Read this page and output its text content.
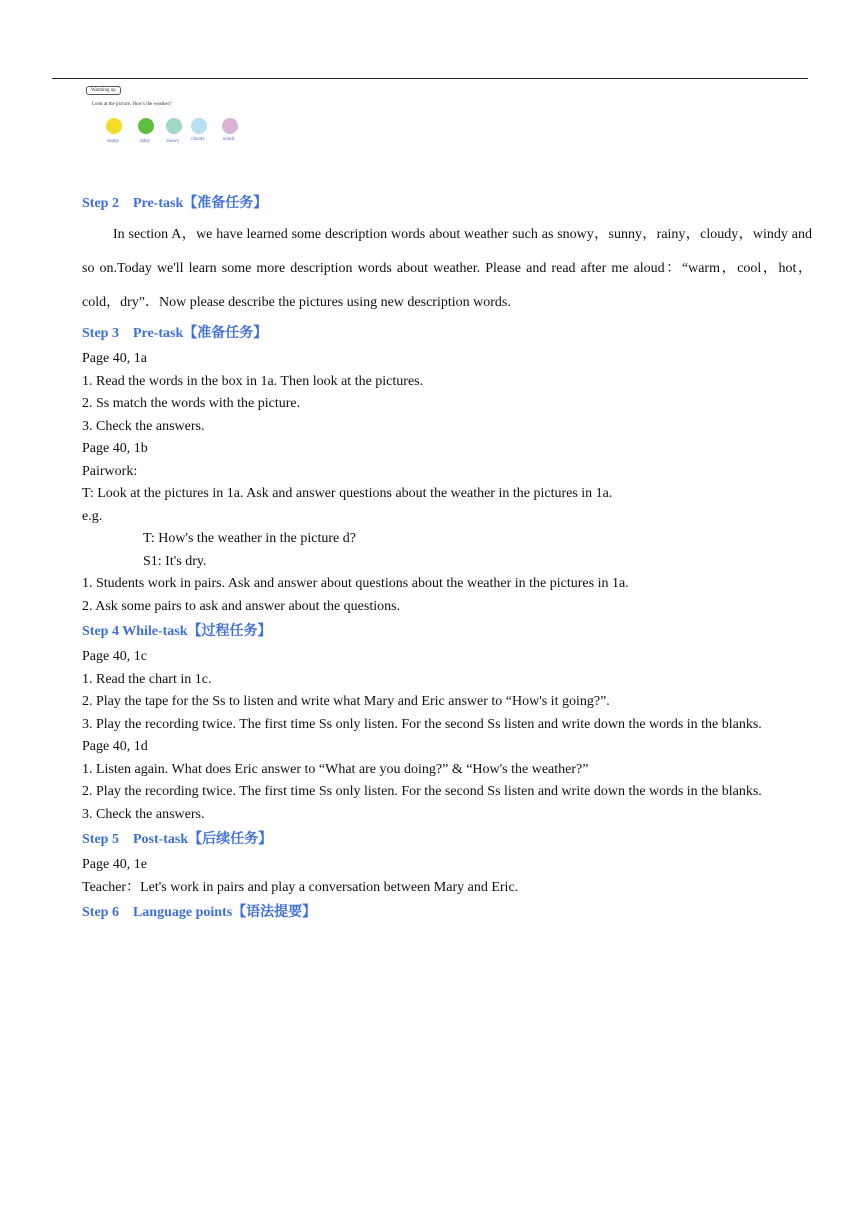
Warming up
Look at the picture. How's the weather?
sunny	rainy	snowy	cloudy	windy
Step 2　Pre-task【准备任务】
In section A，we have learned some description words about weather such as snowy，sunny，rainy，cloudy，windy and so on.Today we'll learn some more description words about weather. Please and read after me aloud：“warm，cool，hot，cold，dry”．Now please describe the pictures using new description words.
Step 3　Pre-task【准备任务】
Page 40, 1a
1. Read the words in the box in 1a. Then look at the pictures.
2. Ss match the words with the picture.
3. Check the answers.
Page 40, 1b
Pairwork:
T: Look at the pictures in 1a. Ask and answer questions about the weather in the pictures in 1a.
e.g.
T: How's the weather in the picture d?
S1: It's dry.
1. Students work in pairs. Ask and answer about questions about the weather in the pictures in 1a.
2. Ask some pairs to ask and answer about the questions.
Step 4 While-task【过程任务】
Page 40, 1c
1. Read the chart in 1c.
2. Play the tape for the Ss to listen and write what Mary and Eric answer to “How's it going?”.
3. Play the recording twice. The first time Ss only listen. For the second Ss listen and write down the words in the blanks.
Page 40, 1d
1. Listen again. What does Eric answer to “What are you doing?” & “How's the weather?”
2. Play the recording twice. The first time Ss only listen. For the second Ss listen and write down the words in the blanks.
3. Check the answers.
Step 5　Post-task【后续任务】
Page 40, 1e
Teacher：Let's work in pairs and play a conversation between Mary and Eric.
Step 6　Language points【语法提要】
